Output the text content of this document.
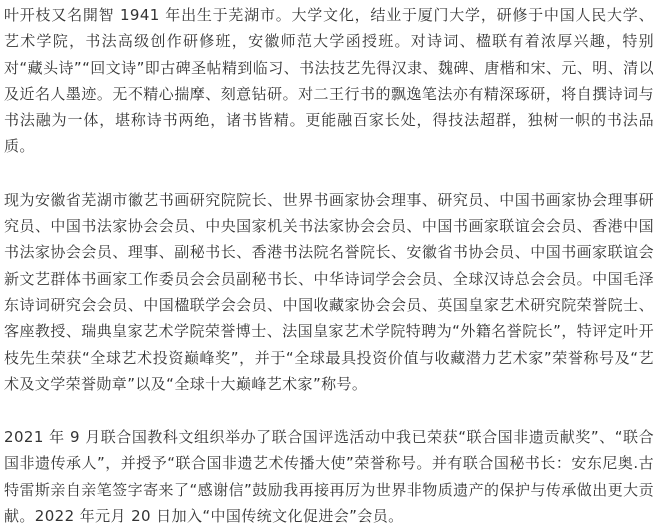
叶开枝又名開智 1941 年出生于芜湖市。大学文化，结业于厦门大学，研修于中国人民大学、艺术学院，书法高级创作研修班，安徽师范大学函授班。对诗词、楹联有着浓厚兴趣，特别对“藏头诗”“回文诗”即古碑圣帖精到临习、书法技艺先得汉隶、魏碑、唐楷和宋、元、明、清以及近名人墨迹。无不精心揣摩、刻意钻研。对二王行书的飘逸笔法亦有精深琢研，将自撰诗词与书法融为一体，堪称诗书两绝，诸书皆精。更能融百家长处，得技法超群，独树一帜的书法品质。

现为安徽省芜湖市徽艺书画研究院院长、世界书画家协会理事、研究员、中国书画家协会理事研究员、中国书法家协会会员、中央国家机关书法家协会会员、中国书画家联谊会会员、香港中国书法家协会会员、理事、副秘书长、香港书法院名誉院长、安徽省书协会员、中国书画家联谊会新文艺群体书画家工作委员会会员副秘书长、中华诗词学会会员、全球汉诗总会会员。中国毛泽东诗词研究会会员、中国楹联学会会员、中国收藏家协会会员、英国皇家艺术研究院荣誉院士、客座教授、瑞典皇家艺术学院荣誉博士、法国皇家艺术学院特聘为“外籍名誉院长”，特评定叶开枝先生荣获“全球艺术投资巅峰奖”，并于“全球最具投资价值与收藏潜力艺术家”荣誉称号及“艺术及文学荣誉勋章”以及“全球十大巅峰艺术家”称号。

2021 年 9 月联合国教科文组织举办了联合国评选活动中我已荣获“联合国非遗贡献奖”、“联合国非遗传承人”，并授予“联合国非遗艺术传播大使”荣誉称号。并有联合国秘书长：安东尼奥.古特雷斯亲自亲笔签字寄来了“感谢信”鼓励我再接再厉为世界非物质遗产的保护与传承做出更大贡献。2022 年元月 20 日加入“中国传统文化促进会”会员。
